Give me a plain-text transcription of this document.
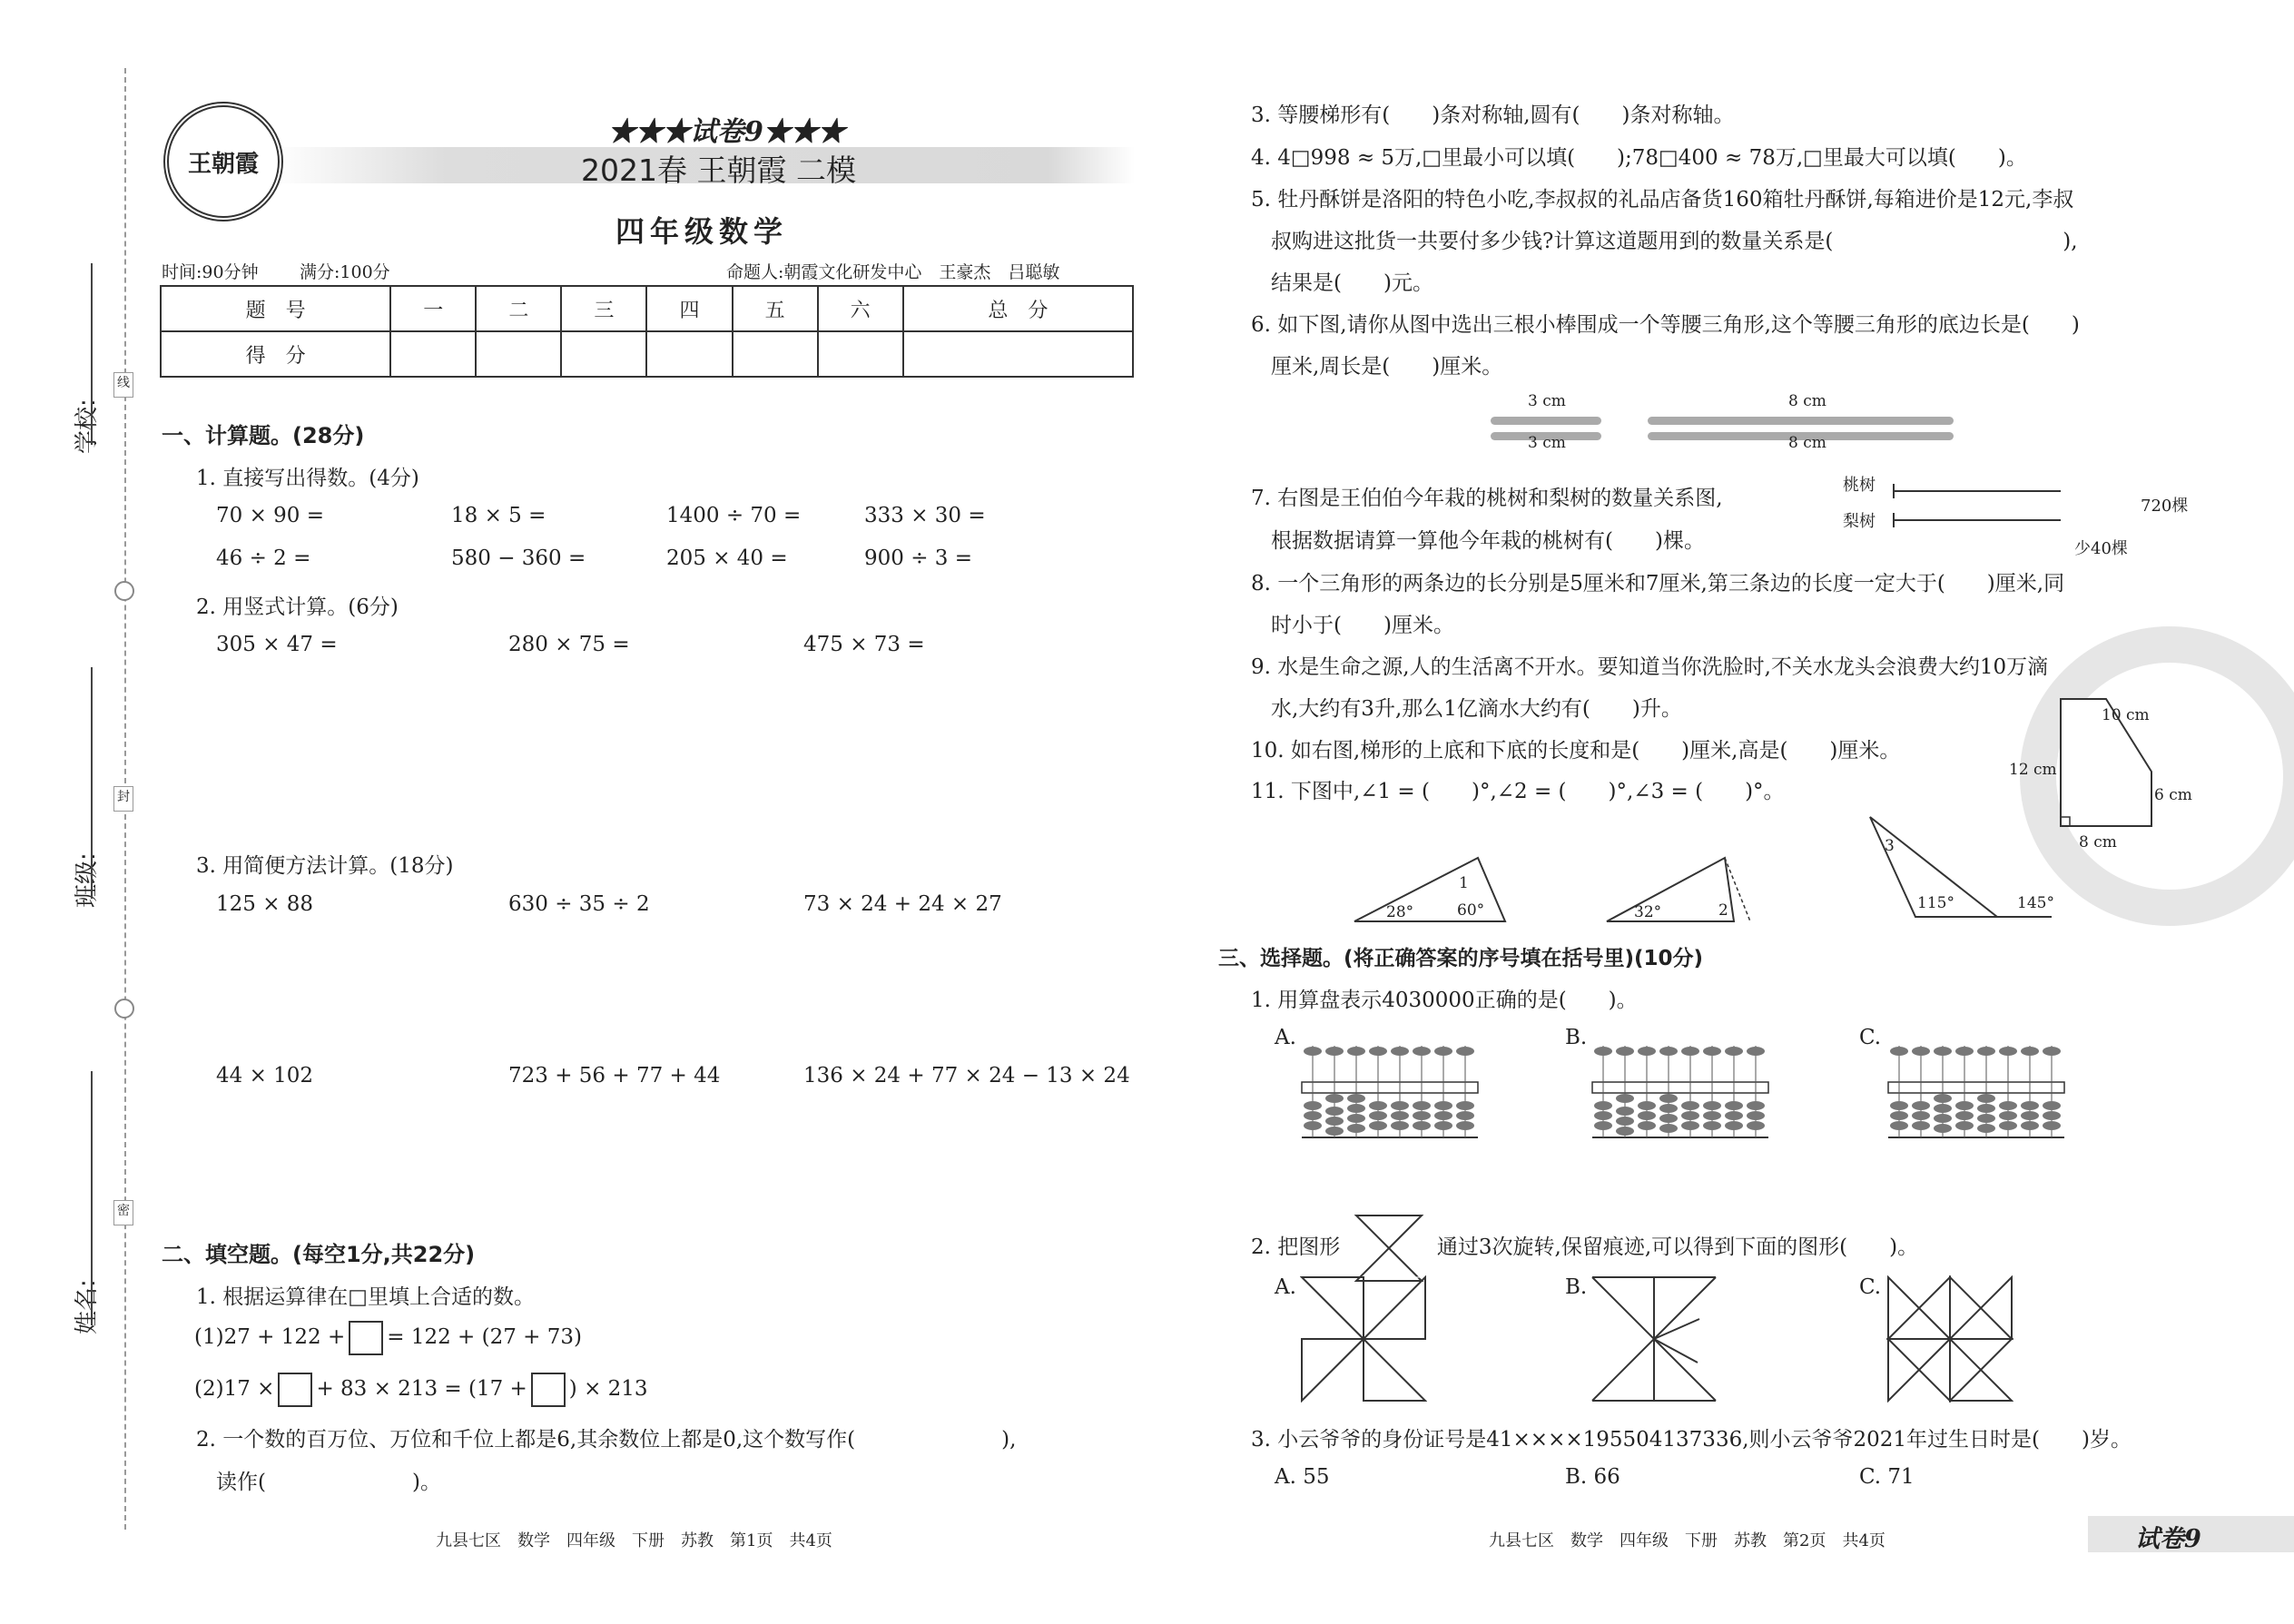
线
封
密
学校:
班级:
姓名:
王朝霞
★★★试卷9★★★
2021春 王朝霞 二模
四年级数学
时间:90分钟 满分:100分	命题人:朝霞文化研发中心　王豪杰　吕聪敏
题　号	一	二	三	四	五	六	总　分
得　分							
一、计算题。(28分)
1. 直接写出得数。(4分)
70 × 90 =	18 × 5 =	1400 ÷ 70 =	333 × 30 =
46 ÷ 2 =	580 − 360 =	205 × 40 =	900 ÷ 3 =
2. 用竖式计算。(6分)
305 × 47 =	280 × 75 =	475 × 73 =
3. 用简便方法计算。(18分)
125 × 88	630 ÷ 35 ÷ 2	73 × 24 + 24 × 27
44 × 102	723 + 56 + 77 + 44	136 × 24 + 77 × 24 − 13 × 24
二、填空题。(每空1分,共22分)
1. 根据运算律在□里填上合适的数。
(1)27 + 122 + = 122 + (27 + 73)
(2)17 × + 83 × 213 = (17 + ) × 213
2. 一个数的百万位、万位和千位上都是6,其余数位上都是0,这个数写作(　　　　　　　),
读作(　　　　　　　)。
九县七区　数学　四年级　下册　苏教　第1页　共4页
3. 等腰梯形有(　　)条对称轴,圆有(　　)条对称轴。
4. 4□998 ≈ 5万,□里最小可以填(　　);78□400 ≈ 78万,□里最大可以填(　　)。
5. 牡丹酥饼是洛阳的特色小吃,李叔叔的礼品店备货160箱牡丹酥饼,每箱进价是12元,李叔
叔购进这批货一共要付多少钱?计算这道题用到的数量关系是(　　　　　　　　　　　),
结果是(　　)元。
6. 如下图,请你从图中选出三根小棒围成一个等腰三角形,这个等腰三角形的底边长是(　　)
厘米,周长是(　　)厘米。
3 cm	8 cm
3 cm	8 cm
7. 右图是王伯伯今年栽的桃树和梨树的数量关系图,
根据数据请算一算他今年栽的桃树有(　　)棵。
桃树
梨树
720棵
少40棵
8. 一个三角形的两条边的长分别是5厘米和7厘米,第三条边的长度一定大于(　　)厘米,同
时小于(　　)厘米。
9. 水是生命之源,人的生活离不开水。要知道当你洗脸时,不关水龙头会浪费大约10万滴
水,大约有3升,那么1亿滴水大约有(　　)升。
10. 如右图,梯形的上底和下底的长度和是(　　)厘米,高是(　　)厘米。
11. 下图中,∠1 = (　　)°,∠2 = (　　)°,∠3 = (　　)°。
10 cm
12 cm
6 cm
8 cm
28°	60°
1
32°	2
3
115°	145°
三、选择题。(将正确答案的序号填在括号里)(10分)
1. 用算盘表示4030000正确的是(　　)。
A.	B.	C.
2. 把图形	通过3次旋转,保留痕迹,可以得到下面的图形(　　)。
A.	B.	C.
3. 小云爷爷的身份证号是41××××195504137336,则小云爷爷2021年过生日时是(　　)岁。
A. 55	B. 66	C. 71
九县七区　数学　四年级　下册　苏教　第2页　共4页	试卷9
